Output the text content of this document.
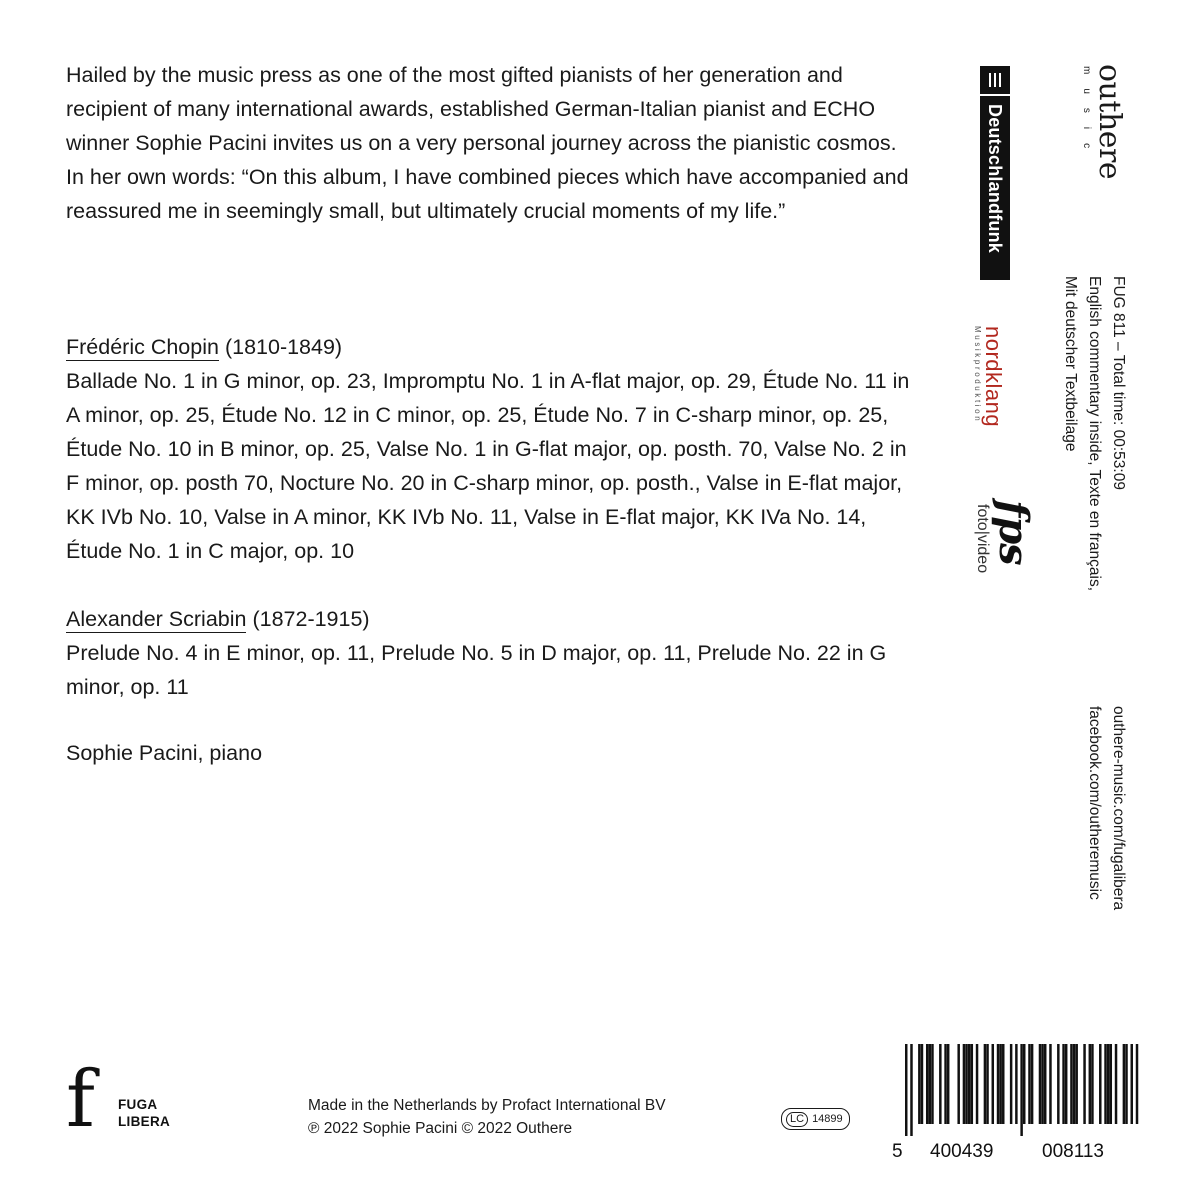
Hailed by the music press as one of the most gifted pianists of her generation and recipient of many international awards, established German-Italian pianist and ECHO winner Sophie Pacini invites us on a very personal journey across the pianistic cosmos. In her own words: “On this album, I have combined pieces which have accompanied and reassured me in seemingly small, but ultimately crucial moments of my life.”
Frédéric Chopin (1810-1849)
Ballade No. 1 in G minor, op. 23, Impromptu No. 1 in A-flat major, op. 29, Étude No. 11 in A minor, op. 25, Étude No. 12 in C minor, op. 25, Étude No. 7 in C-sharp minor, op. 25, Étude No. 10 in B minor, op. 25, Valse No. 1 in G-flat major, op. posth. 70, Valse No. 2 in F minor, op. posth 70, Nocture No. 20 in C-sharp minor, op. posth., Valse in E-flat major, KK IVb No. 10, Valse in A minor, KK IVb No. 11, Valse in E-flat major, KK IVa No. 14, Étude No. 1 in C major, op. 10
Alexander Scriabin (1872-1915)
Prelude No. 4 in E minor, op. 11, Prelude No. 5 in D major, op. 11, Prelude No. 22 in G minor, op. 11
Sophie Pacini, piano
Deutschlandfunk	outhere
music
FUG 811 – Total time: 00:53:09
English commentary inside, Texte en français,
Mit deutscher Textbeilage
nordklang
Musikproduktion
fps
foto|video
outhere-music.com/fugalibera
facebook.com/outheremusic
f FUGA
LIBERA
Made in the Netherlands by Profact International BV
℗ 2022 Sophie Pacini © 2022 Outhere
LC 14899
5 400439	008113
